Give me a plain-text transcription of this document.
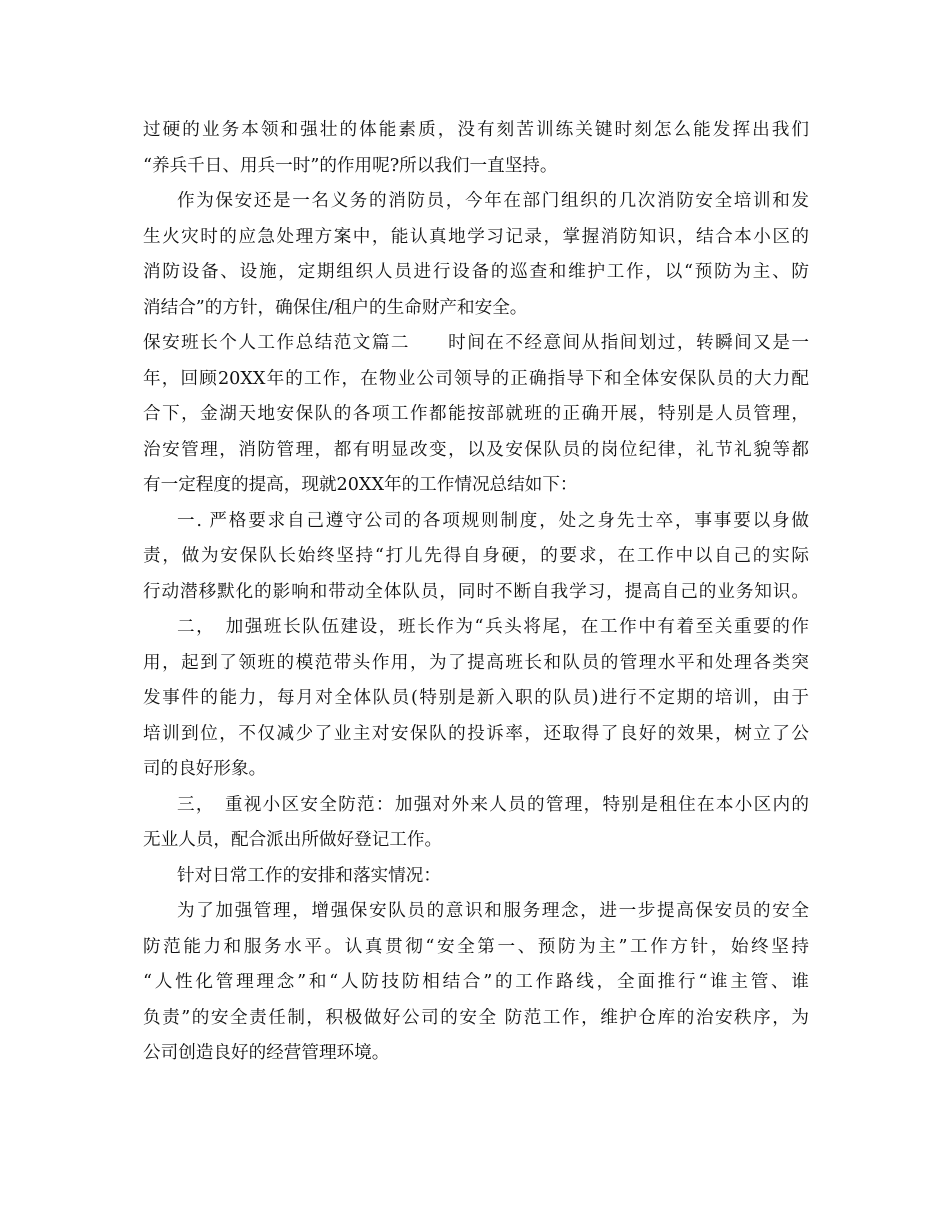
过硬的业务本领和强壮的体能素质，没有刻苦训练关键时刻怎么能发挥出我们
“养兵千日、用兵一时”的作用呢?所以我们一直坚持。
作为保安还是一名义务的消防员，今年在部门组织的几次消防安全培训和发
生火灾时的应急处理方案中，能认真地学习记录，掌握消防知识，结合本小区的
消防设备、设施，定期组织人员进行设备的巡查和维护工作，以“预防为主、防
消结合”的方针，确保住/租户的生命财产和安全。
保安班长个人工作总结范文篇二　　时间在不经意间从指间划过，转瞬间又是一
年，回顾20XX年的工作，在物业公司领导的正确指导下和全体安保队员的大力配
合下，金湖天地安保队的各项工作都能按部就班的正确开展，特别是人员管理，
治安管理，消防管理，都有明显改变，以及安保队员的岗位纪律，礼节礼貌等都
有一定程度的提高，现就20XX年的工作情况总结如下：
一. 严格要求自己遵守公司的各项规则制度，处之身先士卒，事事要以身做
责，做为安保队长始终坚持“打儿先得自身硬，的要求，在工作中以自己的实际
行动潜移默化的影响和带动全体队员，同时不断自我学习，提高自己的业务知识。
二，　加强班长队伍建设，班长作为“兵头将尾，在工作中有着至关重要的作
用，起到了领班的模范带头作用，为了提高班长和队员的管理水平和处理各类突
发事件的能力，每月对全体队员(特别是新入职的队员)进行不定期的培训，由于
培训到位，不仅减少了业主对安保队的投诉率，还取得了良好的效果，树立了公
司的良好形象。
三，　重视小区安全防范：加强对外来人员的管理，特别是租住在本小区内的
无业人员，配合派出所做好登记工作。
针对日常工作的安排和落实情况：
为了加强管理，增强保安队员的意识和服务理念，进一步提高保安员的安全
防范能力和服务水平。认真贯彻“安全第一、预防为主”工作方针，始终坚持
“人性化管理理念”和“人防技防相结合”的工作路线，全面推行“谁主管、谁
负责”的安全责任制，积极做好公司的安全 防范工作，维护仓库的治安秩序，为
公司创造良好的经营管理环境。
